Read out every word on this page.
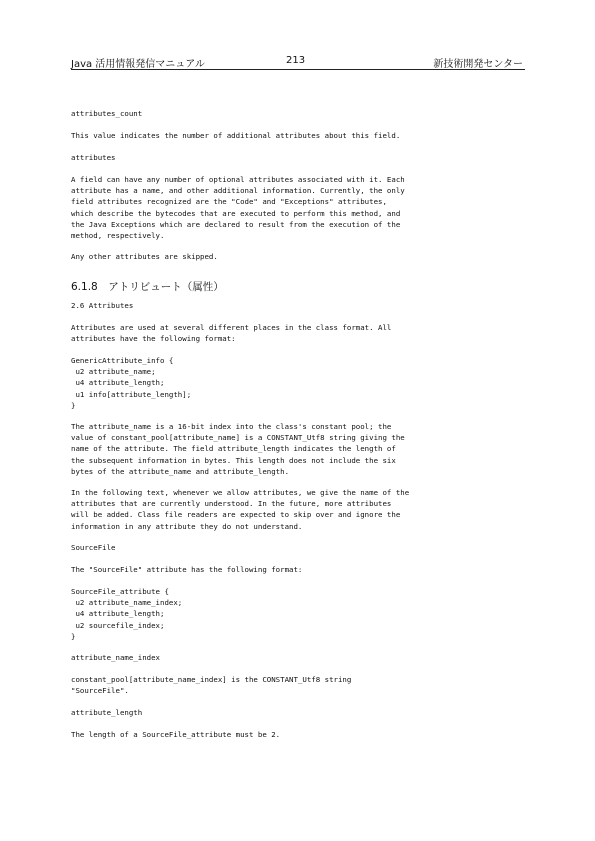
Java 活用情報発信マニュアル	213	新技術開発センター
attributes_count
This value indicates the number of additional attributes about this field.
attributes
A field can have any number of optional attributes associated with it. Each
attribute has a name, and other additional information. Currently, the only
field attributes recognized are the "Code" and "Exceptions" attributes,
which describe the bytecodes that are executed to perform this method, and
the Java Exceptions which are declared to result from the execution of the
method, respectively.
Any other attributes are skipped.
6.1.8　アトリビュート（属性）
2.6 Attributes
Attributes are used at several different places in the class format. All
attributes have the following format:
GenericAttribute_info {
u2 attribute_name;
u4 attribute_length;
u1 info[attribute_length];
}
The attribute_name is a 16-bit index into the class's constant pool; the
value of constant_pool[attribute_name] is a CONSTANT_Utf8 string giving the
name of the attribute. The field attribute_length indicates the length of
the subsequent information in bytes. This length does not include the six
bytes of the attribute_name and attribute_length.
In the following text, whenever we allow attributes, we give the name of the
attributes that are currently understood. In the future, more attributes
will be added. Class file readers are expected to skip over and ignore the
information in any attribute they do not understand.
SourceFile
The "SourceFile" attribute has the following format:
SourceFile_attribute {
u2 attribute_name_index;
u4 attribute_length;
u2 sourcefile_index;
}
attribute_name_index
constant_pool[attribute_name_index] is the CONSTANT_Utf8 string
"SourceFile".
attribute_length
The length of a SourceFile_attribute must be 2.
